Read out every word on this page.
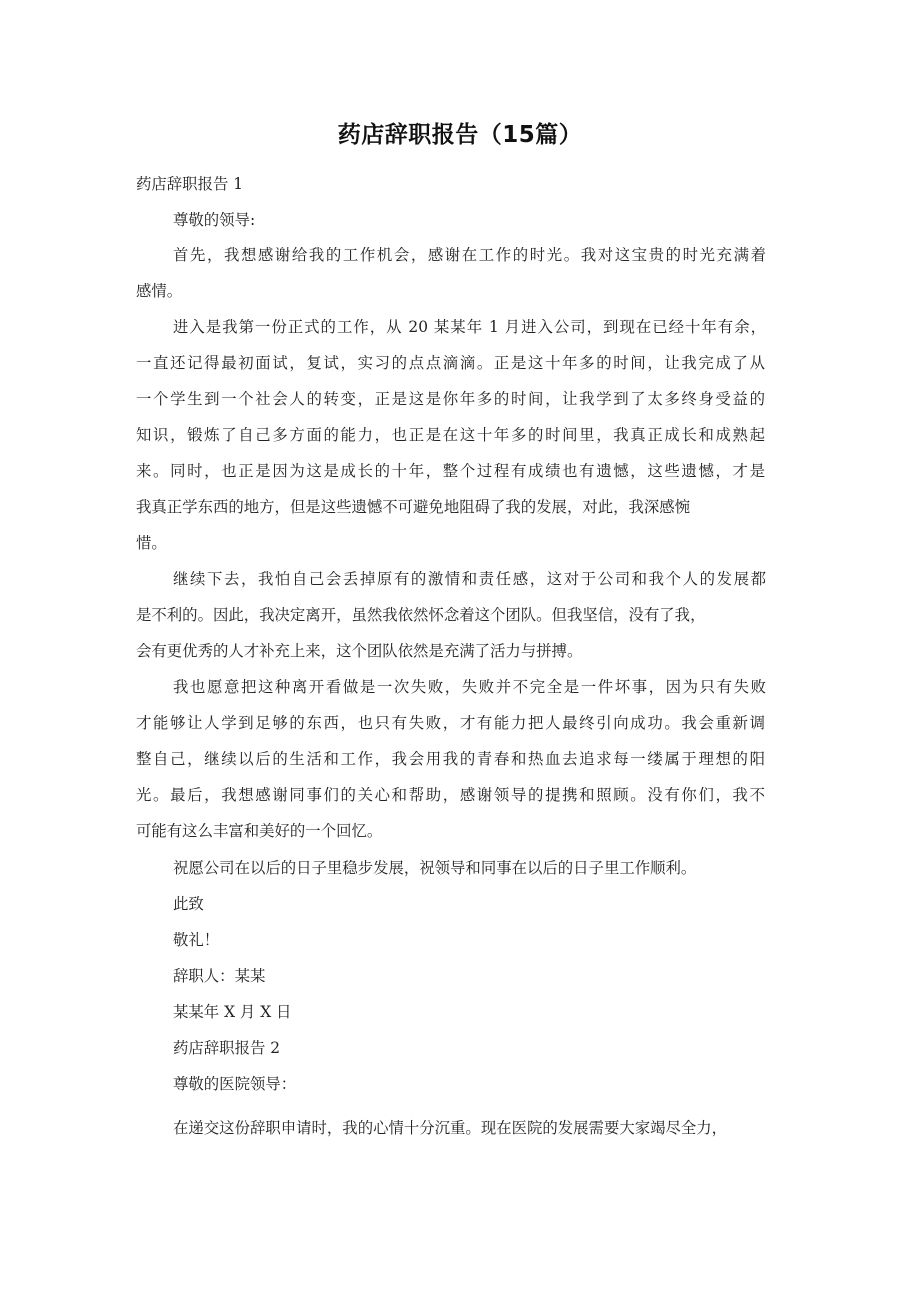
药店辞职报告（15篇）
药店辞职报告 1
尊敬的领导:
首先，我想感谢给我的工作机会，感谢在工作的时光。我对这宝贵的时光充满着
感情。
进入是我第一份正式的工作，从 20 某某年 1 月进入公司，到现在已经十年有余，
一直还记得最初面试，复试，实习的点点滴滴。正是这十年多的时间，让我完成了从
一个学生到一个社会人的转变，正是这是你年多的时间，让我学到了太多终身受益的
知识，锻炼了自己多方面的能力，也正是在这十年多的时间里，我真正成长和成熟起
来。同时，也正是因为这是成长的十年，整个过程有成绩也有遗憾，这些遗憾，才是
我真正学东西的地方，但是这些遗憾不可避免地阻碍了我的发展，对此，我深感惋
惜。
继续下去，我怕自己会丢掉原有的激情和责任感，这对于公司和我个人的发展都
是不利的。因此，我决定离开，虽然我依然怀念着这个团队。但我坚信，没有了我，
会有更优秀的人才补充上来，这个团队依然是充满了活力与拼搏。
我也愿意把这种离开看做是一次失败，失败并不完全是一件坏事，因为只有失败
才能够让人学到足够的东西，也只有失败，才有能力把人最终引向成功。我会重新调
整自己，继续以后的生活和工作，我会用我的青春和热血去追求每一缕属于理想的阳
光。最后，我想感谢同事们的关心和帮助，感谢领导的提携和照顾。没有你们，我不
可能有这么丰富和美好的一个回忆。
祝愿公司在以后的日子里稳步发展，祝领导和同事在以后的日子里工作顺利。
此致
敬礼！
辞职人：某某
某某年 X 月 X 日
药店辞职报告 2
尊敬的医院领导：
在递交这份辞职申请时，我的心情十分沉重。现在医院的发展需要大家竭尽全力，
